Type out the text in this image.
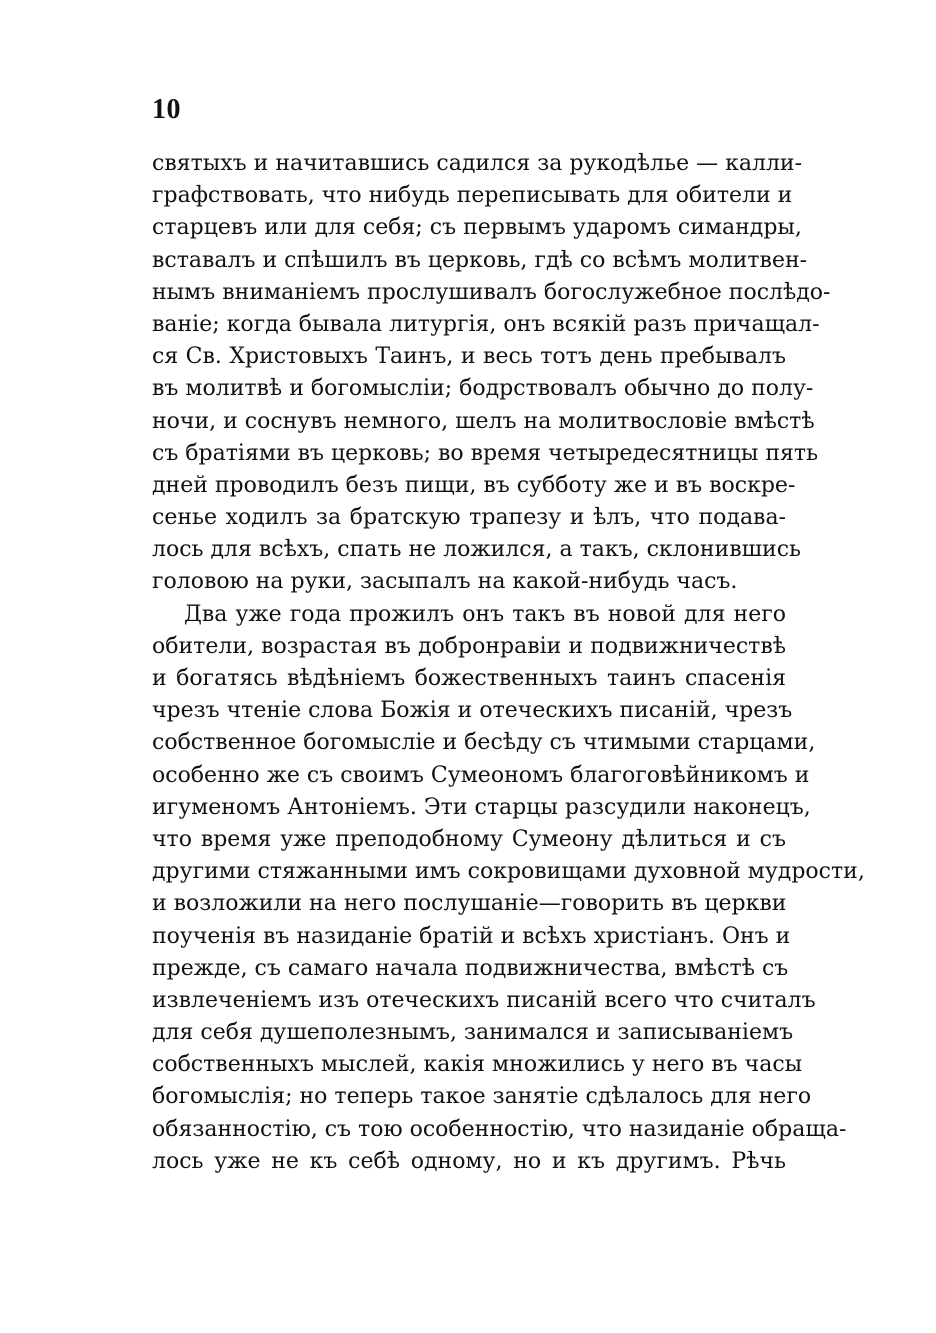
10
святыхъ и начитавшись садился за рукодѣлье — калли-
графствовать, что нибудь переписывать для обители и
старцевъ или для себя; съ первымъ ударомъ симандры,
вставалъ и спѣшилъ въ церковь, гдѣ со всѣмъ молитвен-
нымъ вниманіемъ прослушивалъ богослужебное послѣдо-
ваніе; когда бывала литургія, онъ всякій разъ причащал-
ся Св. Христовыхъ Таинъ, и весь тотъ день пребывалъ
въ молитвѣ и богомысліи; бодрствовалъ обычно до полу-
ночи, и соснувъ немного, шелъ на молитвословіе вмѣстѣ
съ братіями въ церковь; во время четыредесятницы пять
дней проводилъ безъ пищи, въ субботу же и въ воскре-
сенье ходилъ за братскую трапезу и ѣлъ, что подава-
лось для всѣхъ, спать не ложился, а такъ, склонившись
головою на руки, засыпалъ на какой-нибудь часъ.
Два уже года прожилъ онъ такъ въ новой для него
обители, возрастая въ добронравіи и подвижничествѣ
и богатясь вѣдѣніемъ божественныхъ таинъ спасенія
чрезъ чтеніе слова Божія и отеческихъ писаній, чрезъ
собственное богомысліе и бесѣду съ чтимыми старцами,
особенно же съ своимъ Сумеономъ благоговѣйникомъ и
игуменомъ Антоніемъ. Эти старцы разсудили наконецъ,
что время уже преподобному Сумеону дѣлиться и съ
другими стяжанными имъ сокровищами духовной мудрости,
и возложили на него послушаніе—говорить въ церкви
поученія въ назиданіе братій и всѣхъ христіанъ. Онъ и
прежде, съ самаго начала подвижничества, вмѣстѣ съ
извлеченіемъ изъ отеческихъ писаній всего что считалъ
для себя душеполезнымъ, занимался и записываніемъ
собственныхъ мыслей, какія множились у него въ часы
богомыслія; но теперь такое занятіе сдѣлалось для него
обязанностію, съ тою особенностію, что назиданіе обраща-
лось уже не къ себѣ одному, но и къ другимъ. Рѣчь
